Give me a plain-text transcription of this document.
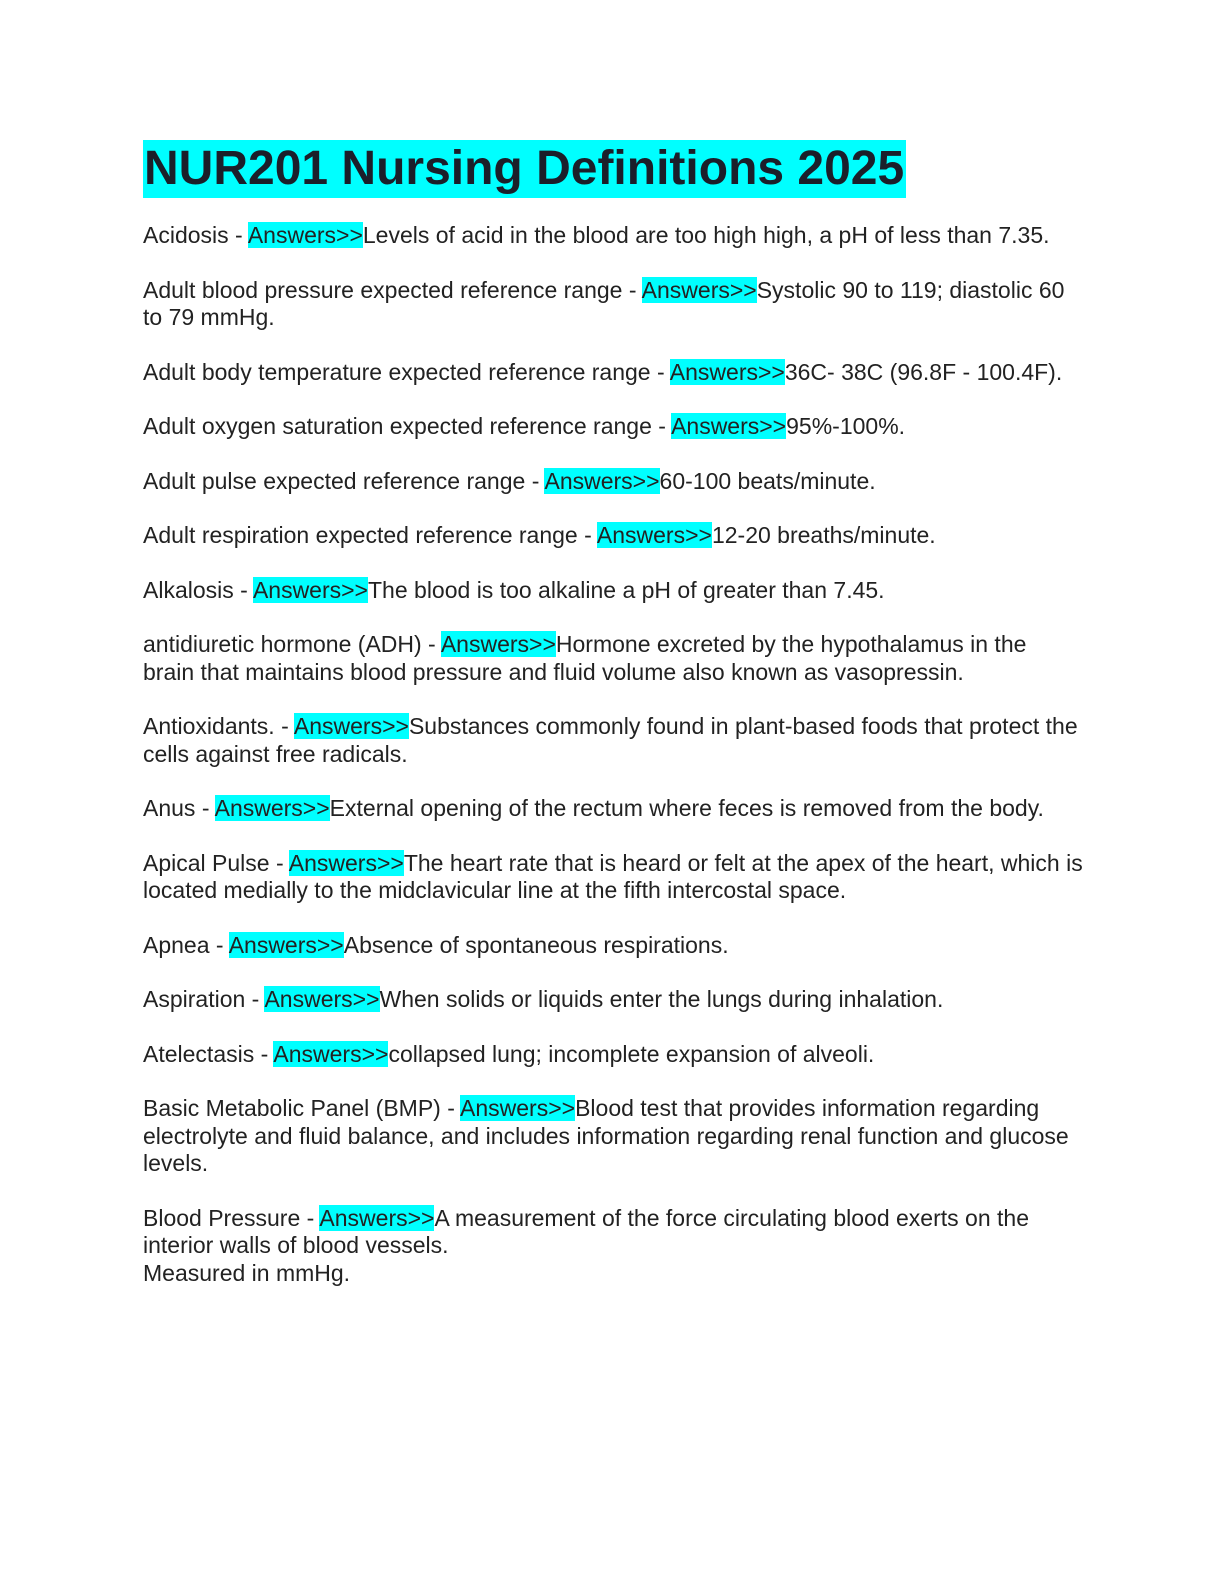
NUR201 Nursing Definitions 2025

Acidosis - Answers>>Levels of acid in the blood are too high high, a pH of less than 7.35.

Adult blood pressure expected reference range - Answers>>Systolic 90 to 119; diastolic 60 to 79 mmHg.

Adult body temperature expected reference range - Answers>>36C- 38C (96.8F - 100.4F).

Adult oxygen saturation expected reference range - Answers>>95%-100%.

Adult pulse expected reference range - Answers>>60-100 beats/minute.

Adult respiration expected reference range - Answers>>12-20 breaths/minute.

Alkalosis - Answers>>The blood is too alkaline a pH of greater than 7.45.

antidiuretic hormone (ADH) - Answers>>Hormone excreted by the hypothalamus in the brain that maintains blood pressure and fluid volume also known as vasopressin.

Antioxidants. - Answers>>Substances commonly found in plant-based foods that protect the cells against free radicals.

Anus - Answers>>External opening of the rectum where feces is removed from the body.

Apical Pulse - Answers>>The heart rate that is heard or felt at the apex of the heart, which is located medially to the midclavicular line at the fifth intercostal space.

Apnea - Answers>>Absence of spontaneous respirations.

Aspiration - Answers>>When solids or liquids enter the lungs during inhalation.

Atelectasis - Answers>>collapsed lung; incomplete expansion of alveoli.

Basic Metabolic Panel (BMP) - Answers>>Blood test that provides information regarding electrolyte and fluid balance, and includes information regarding renal function and glucose levels.

Blood Pressure - Answers>>A measurement of the force circulating blood exerts on the interior walls of blood vessels.
Measured in mmHg.
